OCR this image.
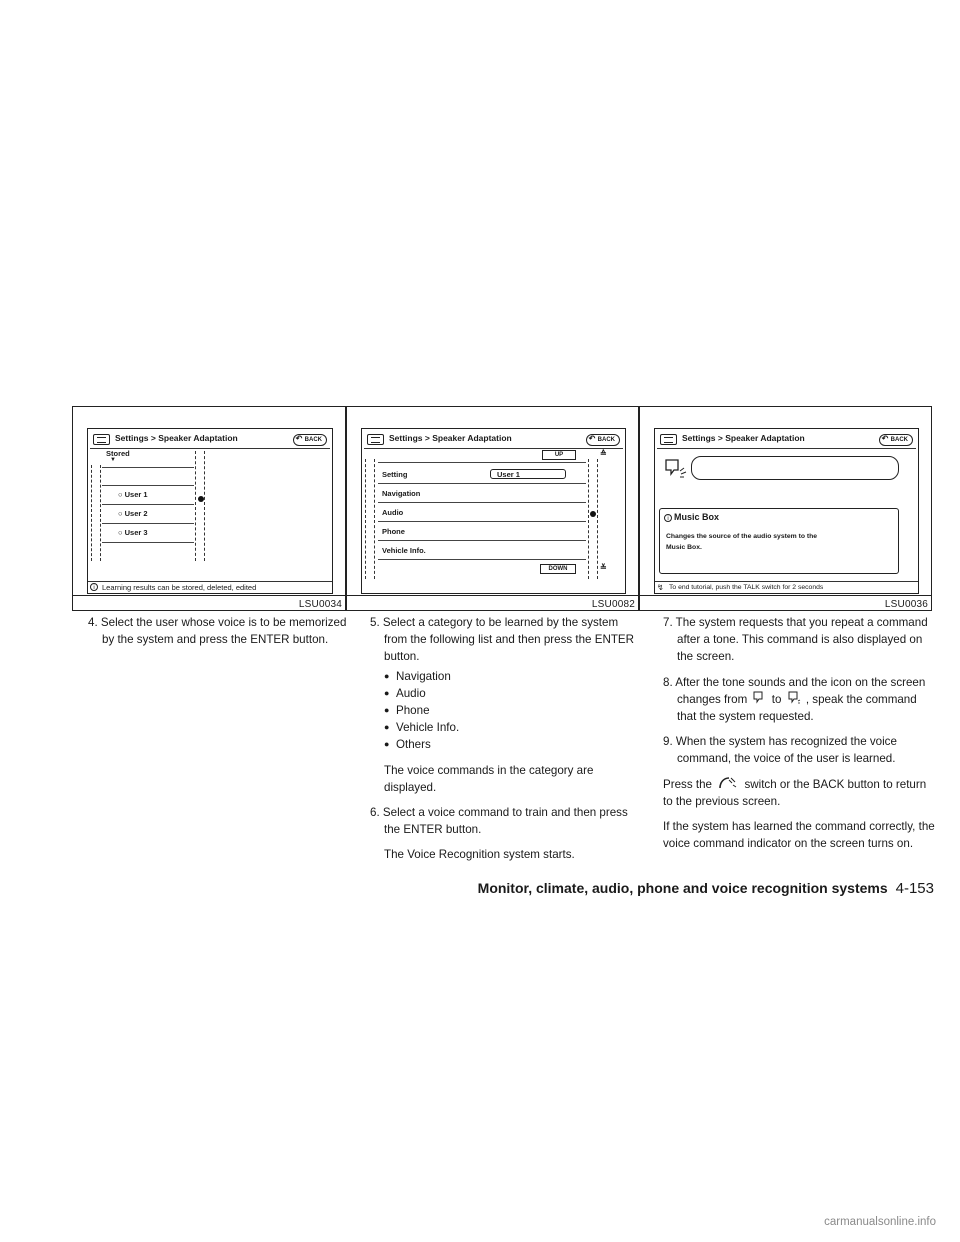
Settings > Speaker Adaptation	↶ BACK
Stored
▼
○ User 1
○ User 2
○ User 3
i Learning results can be stored, deleted, edited
LSU0034
Settings > Speaker Adaptation	↶ BACK
UP	≙
Setting	User 1
Navigation
Audio
Phone
Vehicle Info.
DOWN	≚
LSU0082
Settings > Speaker Adaptation	↶ BACK
i Music Box
Changes the source of the audio system to the
Music Box.
↯ To end tutorial, push the TALK switch for 2 seconds
LSU0036

4. Select the user whose voice is to be memorized by the system and press the ENTER button.

5. Select a category to be learned by the system from the following list and then press the ENTER button.

● Navigation

● Audio

● Phone

● Vehicle Info.

● Others

The voice commands in the category are displayed.

6. Select a voice command to train and then press the ENTER button.

The Voice Recognition system starts.

7. The system requests that you repeat a command after a tone. This command is also displayed on the screen.

8. After the tone sounds and the icon on the screen changes from to , speak the command that the system requested.

9. When the system has recognized the voice command, the voice of the user is learned.

Press the	switch or the BACK button to return to the previous screen.

If the system has learned the command correctly, the voice command indicator on the screen turns on.

Monitor, climate, audio, phone and voice recognition systems 4-153
carmanualsonline.info
